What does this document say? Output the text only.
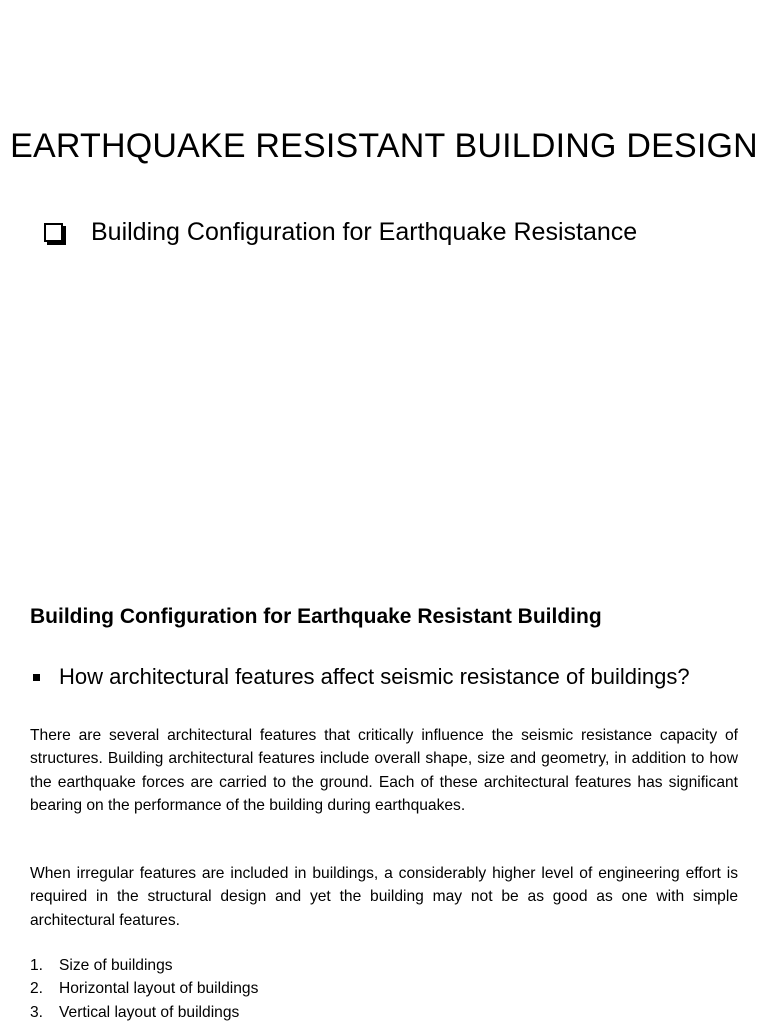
EARTHQUAKE RESISTANT BUILDING DESIGN
Building Configuration for Earthquake Resistance
Building Configuration for Earthquake Resistant Building
How architectural features affect seismic resistance of buildings?

There are several architectural features that critically influence the seismic resistance capacity of structures. Building architectural features include overall shape, size and geometry, in addition to how the earthquake forces are carried to the ground. Each of these architectural features has significant bearing on the performance of the building during earthquakes.

When irregular features are included in buildings, a considerably higher level of engineering effort is required in the structural design and yet the building may not be as good as one with simple architectural features.

1.	Size of buildings
2.	Horizontal layout of buildings
3.	Vertical layout of buildings
